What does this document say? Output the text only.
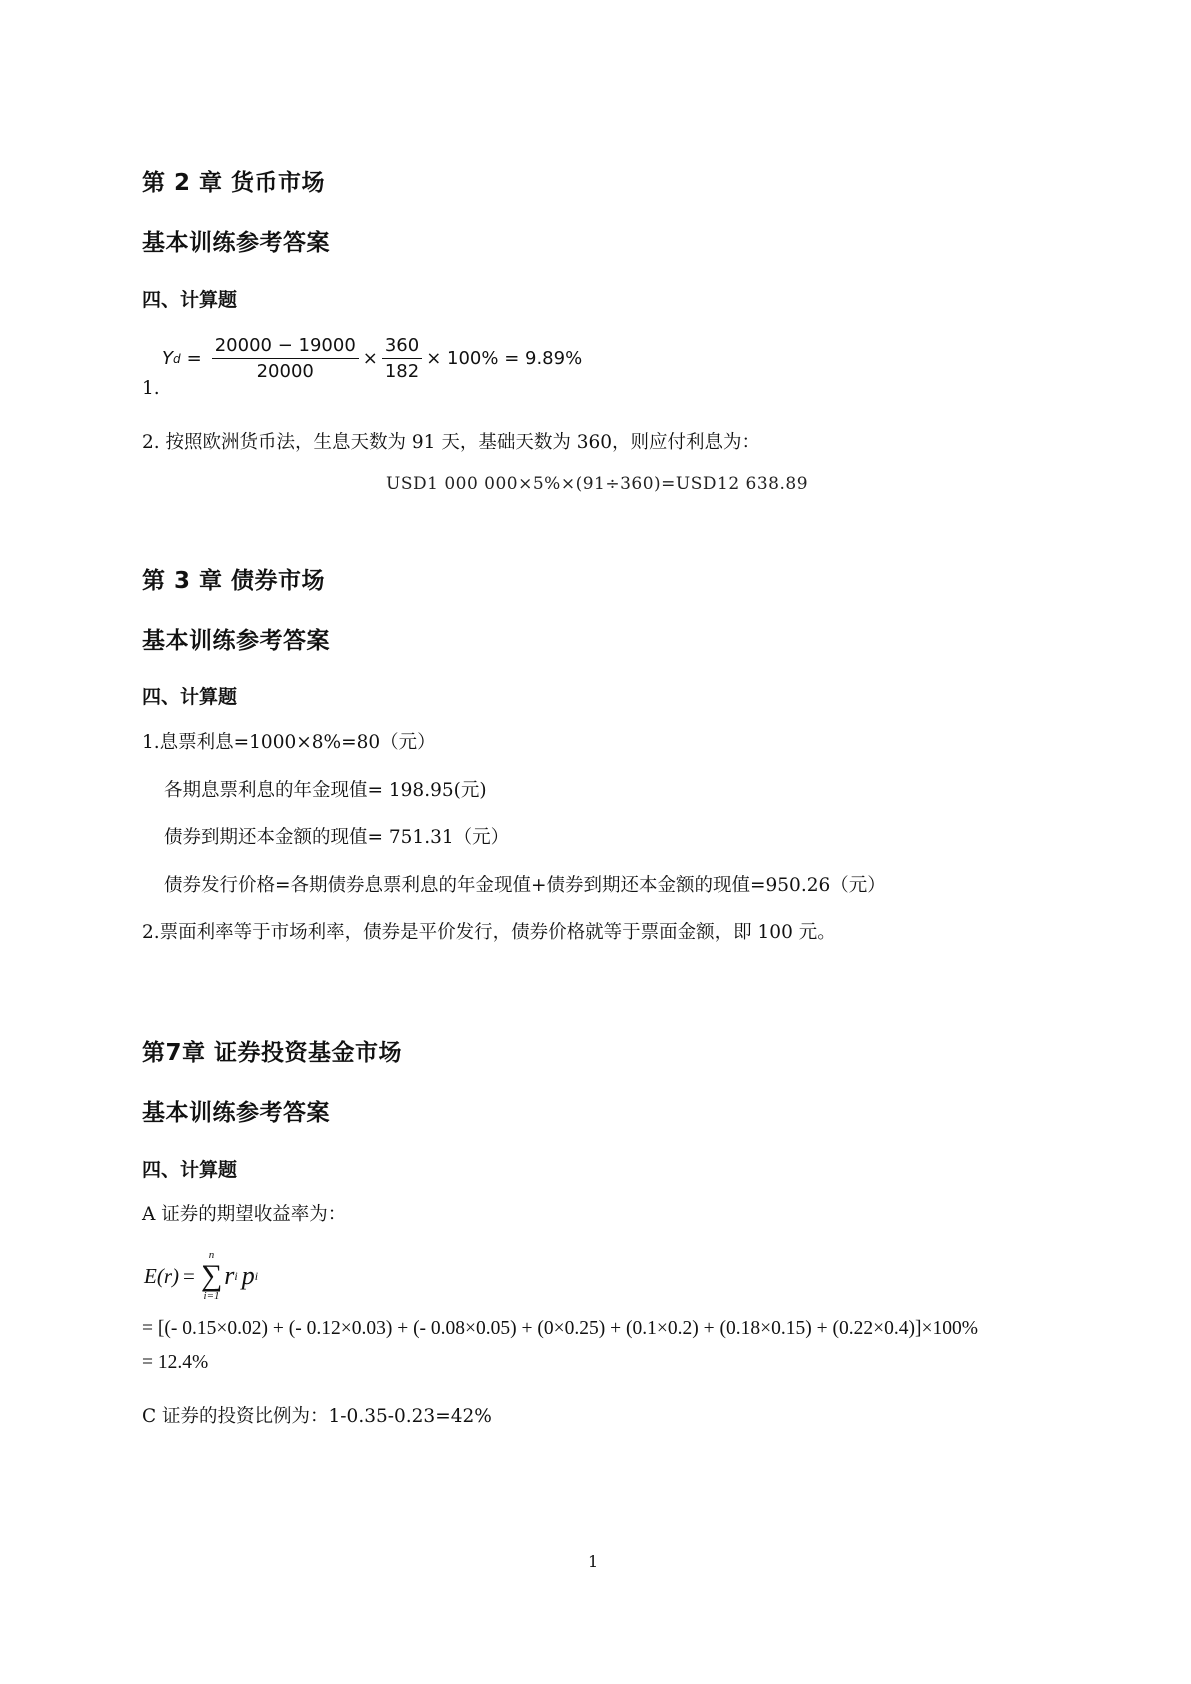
第 2 章 货币市场
基本训练参考答案
四、计算题
1.
Y $d = \frac{20000 - 19000}{20000} \times \frac{360}{182} \times 100\% = 9.89\%$
2. 按照欧洲货币法，生息天数为 91 天，基础天数为 360，则应付利息为：
USD1 000 000×5%×(91÷360)=USD12 638.89
第 3 章 债券市场
基本训练参考答案
四、计算题
1.息票利息=1000×8%=80（元）
各期息票利息的年金现值= 198.95(元)
债券到期还本金额的现值= 751.31（元）
债券发行价格=各期债券息票利息的年金现值+债券到期还本金额的现值=950.26（元）
2.票面利率等于市场利率，债券是平价发行，债券价格就等于票面金额，即 100 元。
第7章 证券投资基金市场
基本训练参考答案
四、计算题
A 证券的期望收益率为：
E(r) =
n
∑
i=1
r i p i
= [(- 0.15×0.02) + (- 0.12×0.03) + (- 0.08×0.05) + (0×0.25) + (0.1×0.2) + (0.18×0.15) + (0.22×0.4)]×100%
= 12.4%
C 证券的投资比例为：1-0.35-0.23=42%
1
